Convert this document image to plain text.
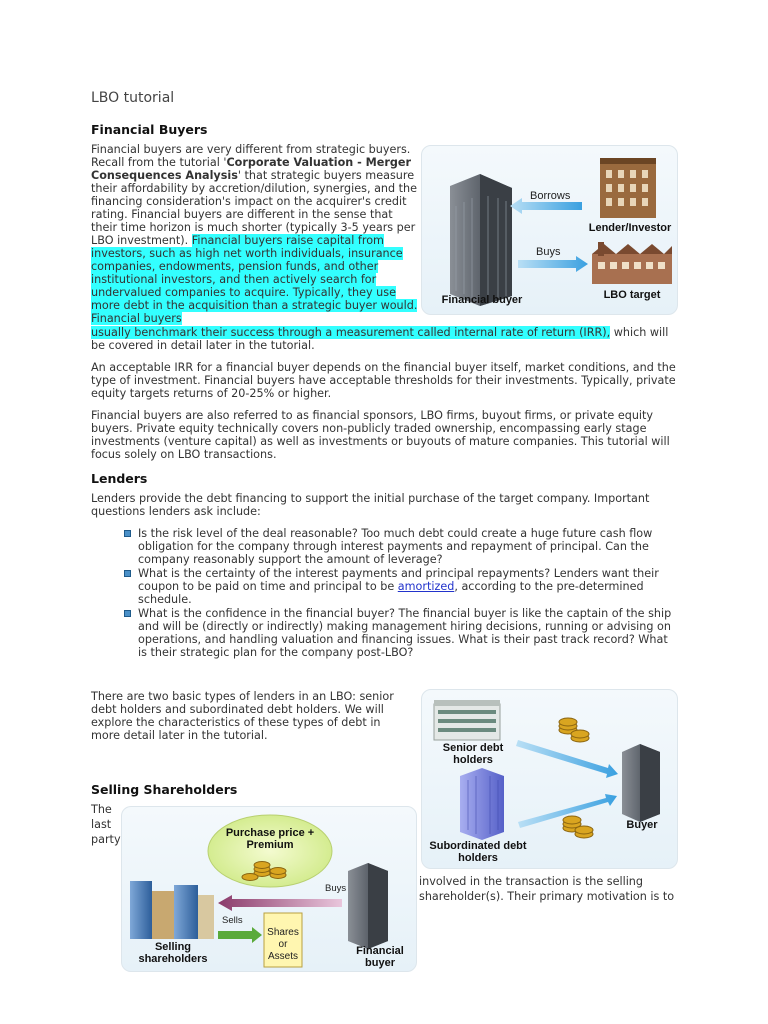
LBO tutorial
Financial Buyers
Financial buyers are very different from strategic buyers. Recall from the tutorial 'Corporate Valuation - Merger Consequences Analysis' that strategic buyers measure their affordability by accretion/dilution, synergies, and the financing consideration's impact on the acquirer's credit rating. Financial buyers are different in the sense that their time horizon is much shorter (typically 3-5 years per LBO investment). Financial buyers raise capital from investors, such as high net worth individuals, insurance companies, endowments, pension funds, and other institutional investors, and then actively search for undervalued companies to acquire. Typically, they use more debt in the acquisition than a strategic buyer would. Financial buyers
usually benchmark their success through a measurement called internal rate of return (IRR), which will be covered in detail later in the tutorial.
Borrows
Buys
Lender/Investor
LBO target
Financial buyer
An acceptable IRR for a financial buyer depends on the financial buyer itself, market conditions, and the type of investment. Financial buyers have acceptable thresholds for their investments. Typically, private equity targets returns of 20-25% or higher.
Financial buyers are also referred to as financial sponsors, LBO firms, buyout firms, or private equity buyers. Private equity technically covers non-publicly traded ownership, encompassing early stage investments (venture capital) as well as investments or buyouts of mature companies. This tutorial will focus solely on LBO transactions.
Lenders
Lenders provide the debt financing to support the initial purchase of the target company. Important questions lenders ask include:
Is the risk level of the deal reasonable? Too much debt could create a huge future cash flow obligation for the company through interest payments and repayment of principal. Can the company reasonably support the amount of leverage?
What is the certainty of the interest payments and principal repayments? Lenders want their coupon to be paid on time and principal to be amortized, according to the pre-determined schedule.
What is the confidence in the financial buyer? The financial buyer is like the captain of the ship and will be (directly or indirectly) making management hiring decisions, running or advising on operations, and handling valuation and financing issues. What is their past track record? What is their strategic plan for the company post-LBO?
There are two basic types of lenders in an LBO: senior debt holders and subordinated debt holders. We will explore the characteristics of these types of debt in more detail later in the tutorial.
Senior debt holders
Subordinated debt holders
Buyer
Selling Shareholders
The
last
party
involved in the transaction is the selling
shareholder(s). Their primary motivation is to
Purchase price + Premium
Buys
Sells
Shares or Assets
Selling shareholders
Financial buyer
